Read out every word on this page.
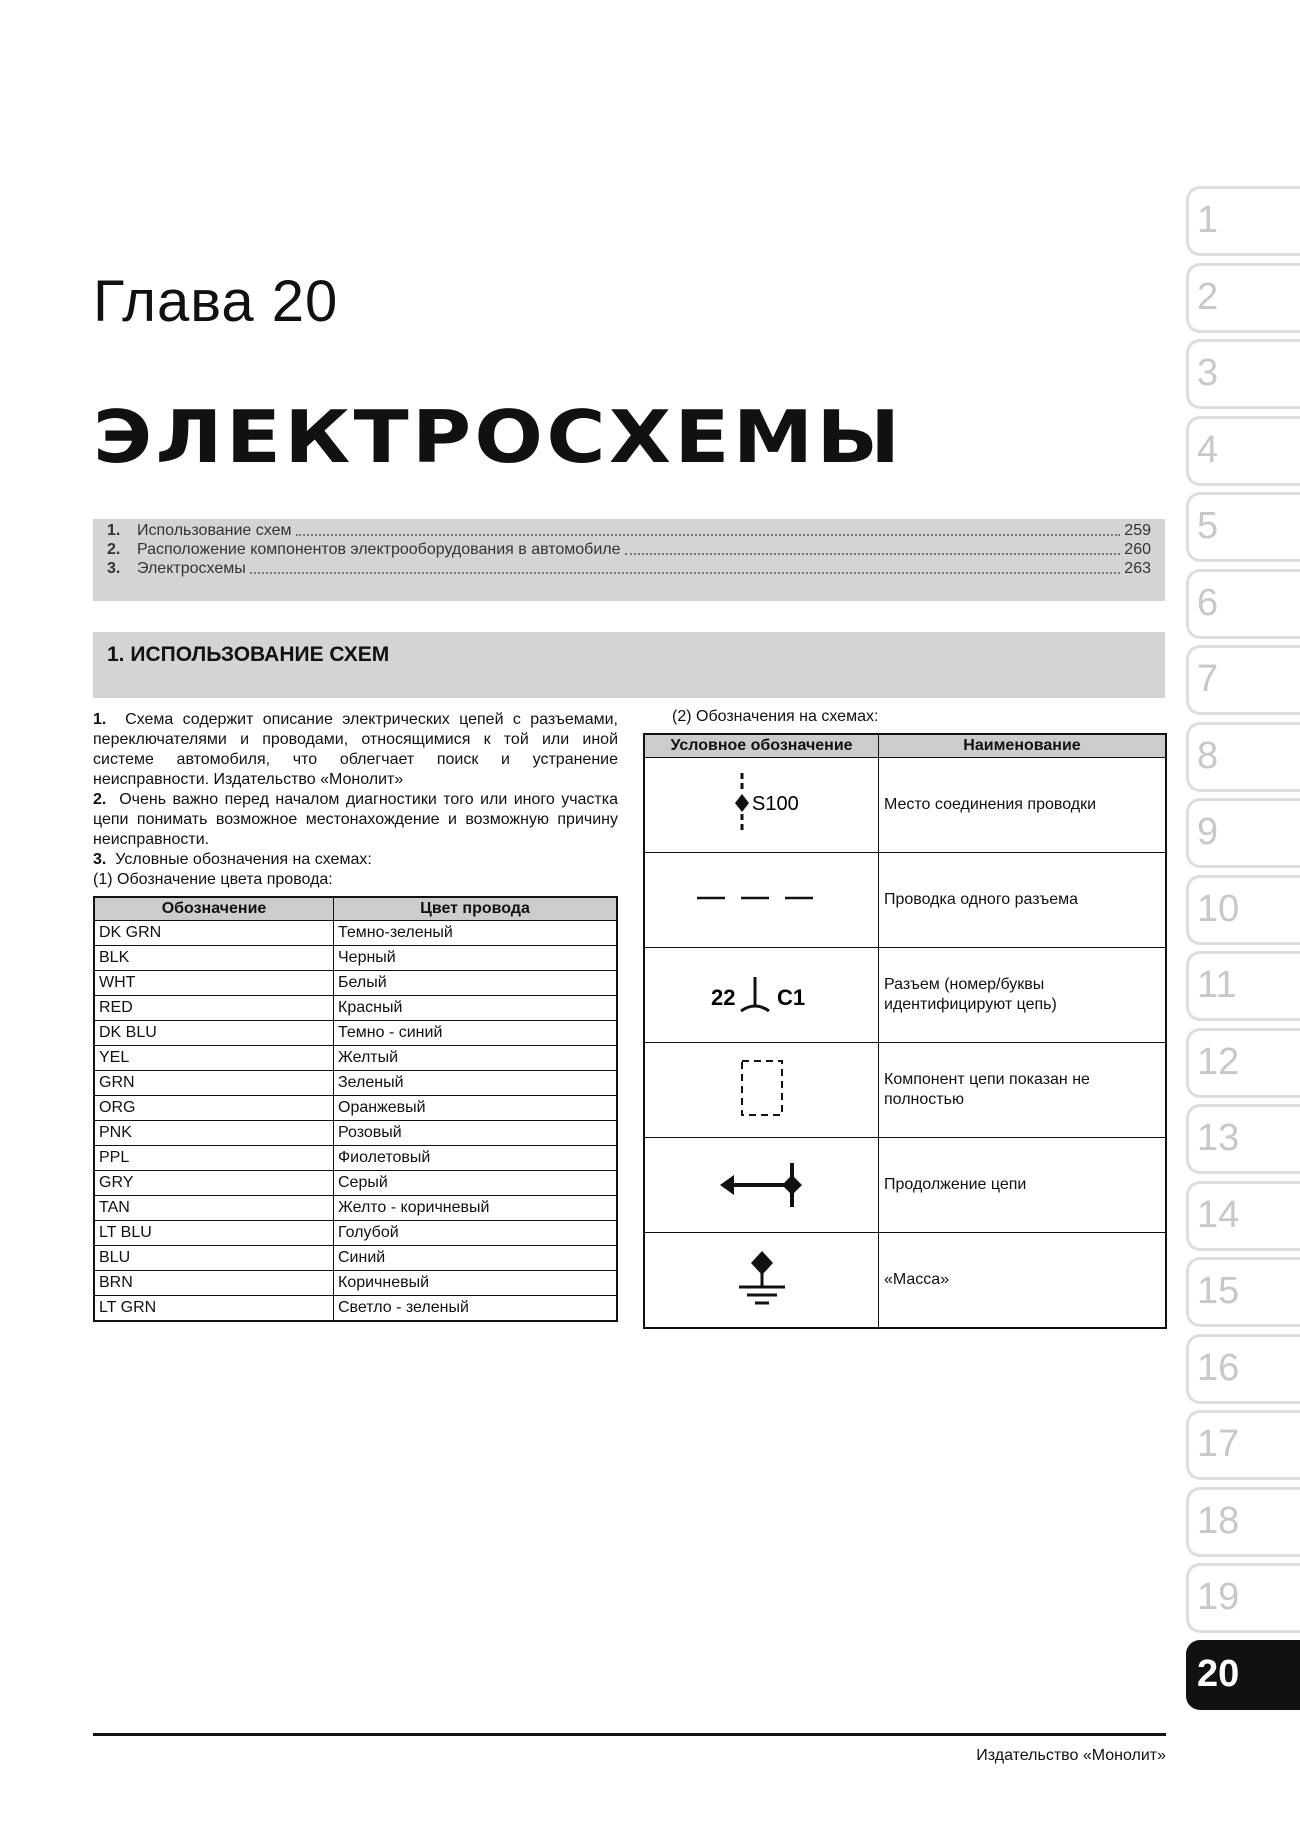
Глава 20
ЭЛЕКТРОСХЕМЫ
1.	Использование схем	259
2.	Расположение компонентов электрооборудования в автомобиле	260
3.	Электросхемы	263
1. ИСПОЛЬЗОВАНИЕ СХЕМ

1. Схема содержит описание электрических цепей с разъемами, переключателями и проводами, относящимися к той или иной системе автомобиля, что облегчает поиск и устранение неисправности. Издательство «Монолит»

2. Очень важно перед началом диагностики того или иного участка цепи понимать возможное местонахождение и возможную причину неисправности.

3. Условные обозначения на схемах:

(1) Обозначение цвета провода:

Обозначение	Цвет провода
DK GRN	Темно-зеленый
BLK	Черный
WHT	Белый
RED	Красный
DK BLU	Темно - синий
YEL	Желтый
GRN	Зеленый
ORG	Оранжевый
PNK	Розовый
PPL	Фиолетовый
GRY	Серый
TAN	Желто - коричневый
LT BLU	Голубой
BLU	Синий
BRN	Коричневый
LT GRN	Светло - зеленый
(2) Обозначения на схемах:
Условное обозначение	Наименование

S100	Место соединения проводки
	Проводка одного разъема

22 C1	Разъем (номер/буквы идентифицируют цепь)
	Компонент цепи показан не полностью
	Продолжение цепи
	«Масса»
1
2
3
4
5
6
7
8
9
10
11
12
13
14
15
16
17
18
19
20
Издательство «Монолит»
